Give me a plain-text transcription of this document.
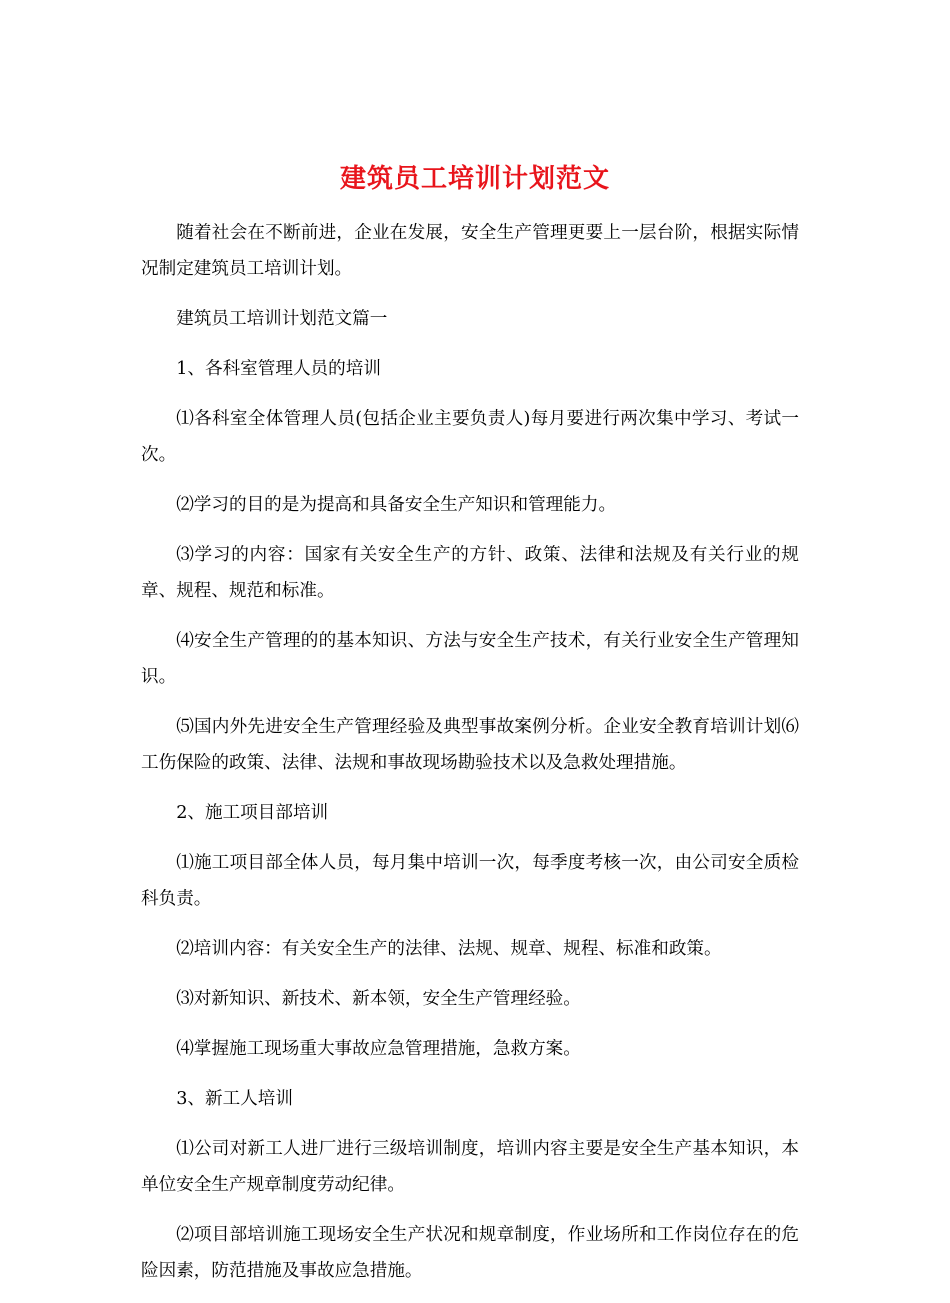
建筑员工培训计划范文

随着社会在不断前进，企业在发展，安全生产管理更要上一层台阶，根据实际情况制定建筑员工培训计划。

建筑员工培训计划范文篇一

1、各科室管理人员的培训

⑴各科室全体管理人员(包括企业主要负责人)每月要进行两次集中学习、考试一次。

⑵学习的目的是为提高和具备安全生产知识和管理能力。

⑶学习的内容：国家有关安全生产的方针、政策、法律和法规及有关行业的规章、规程、规范和标准。

⑷安全生产管理的的基本知识、方法与安全生产技术，有关行业安全生产管理知识。

⑸国内外先进安全生产管理经验及典型事故案例分析。企业安全教育培训计划⑹工伤保险的政策、法律、法规和事故现场勘验技术以及急救处理措施。

2、施工项目部培训

⑴施工项目部全体人员，每月集中培训一次，每季度考核一次，由公司安全质检科负责。

⑵培训内容：有关安全生产的法律、法规、规章、规程、标准和政策。

⑶对新知识、新技术、新本领，安全生产管理经验。

⑷掌握施工现场重大事故应急管理措施，急救方案。

3、新工人培训

⑴公司对新工人进厂进行三级培训制度，培训内容主要是安全生产基本知识，本单位安全生产规章制度劳动纪律。

⑵项目部培训施工现场安全生产状况和规章制度，作业场所和工作岗位存在的危险因素，防范措施及事故应急措施。
